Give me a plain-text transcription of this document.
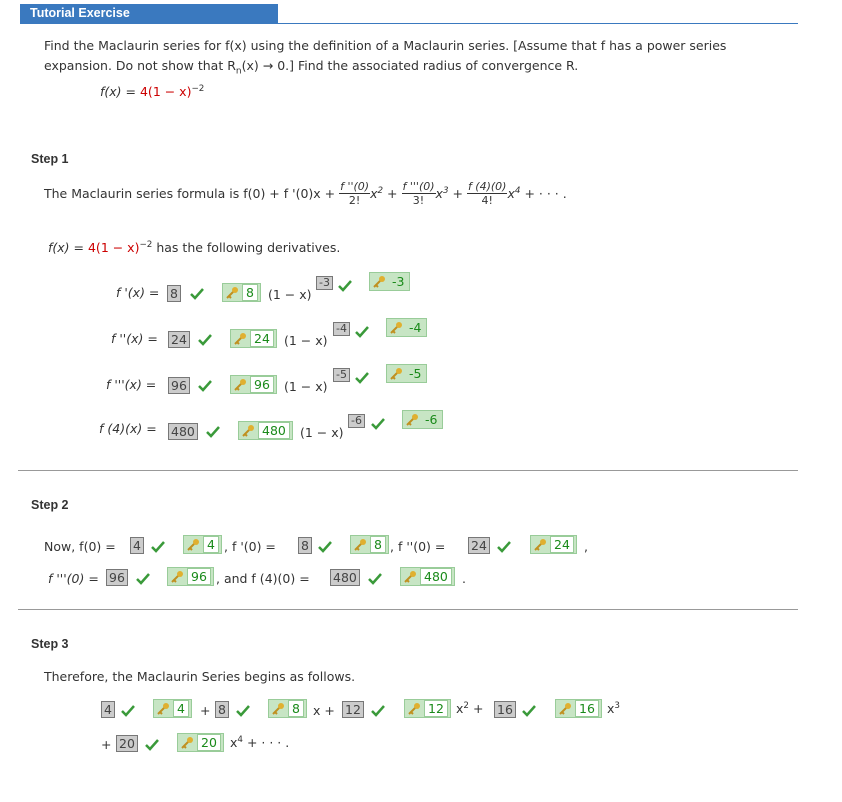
Tutorial Exercise
Find the Maclaurin series for f(x) using the definition of a Maclaurin series. [Assume that f has a power series
expansion. Do not show that $R_n(x) \to 0$.] Find the associated radius of convergence R.
$f(x) = 4(1 - x)^{-2}$
Step 1
The Maclaurin series formula is f(0) + f '$(0)x + \frac{f ''(0)}{2!} x^2 + \frac{f '''(0)}{3!} x^3 + \frac{f (4)(0)}{4!} x^4$ + · · · .
$f(x) = 4(1 - x)^{-2}$ has the following derivatives.
f '(x) = 8	8	(1 − x)
-3	-3
f ''(x) = 24	24	(1 − x)
-4	-4
f '''(x) = 96	96	(1 − x)
-5	-5
f (4)(x) = 480	480	(1 − x)
-6	-6
Step 2
Now, f(0) = 4	4 , f '(0) = 8	8 , f ''(0) = 24	24	,
f '''(0) = 96	96 , and f (4)(0) = 480	480	.
Step 3
Therefore, the Maclaurin Series begins as follows.
4	4	+ 8	8	x + 12	12 $x^2 + 16$	16 $x^3$
+ 20	20	$x^4$ + · · · .
